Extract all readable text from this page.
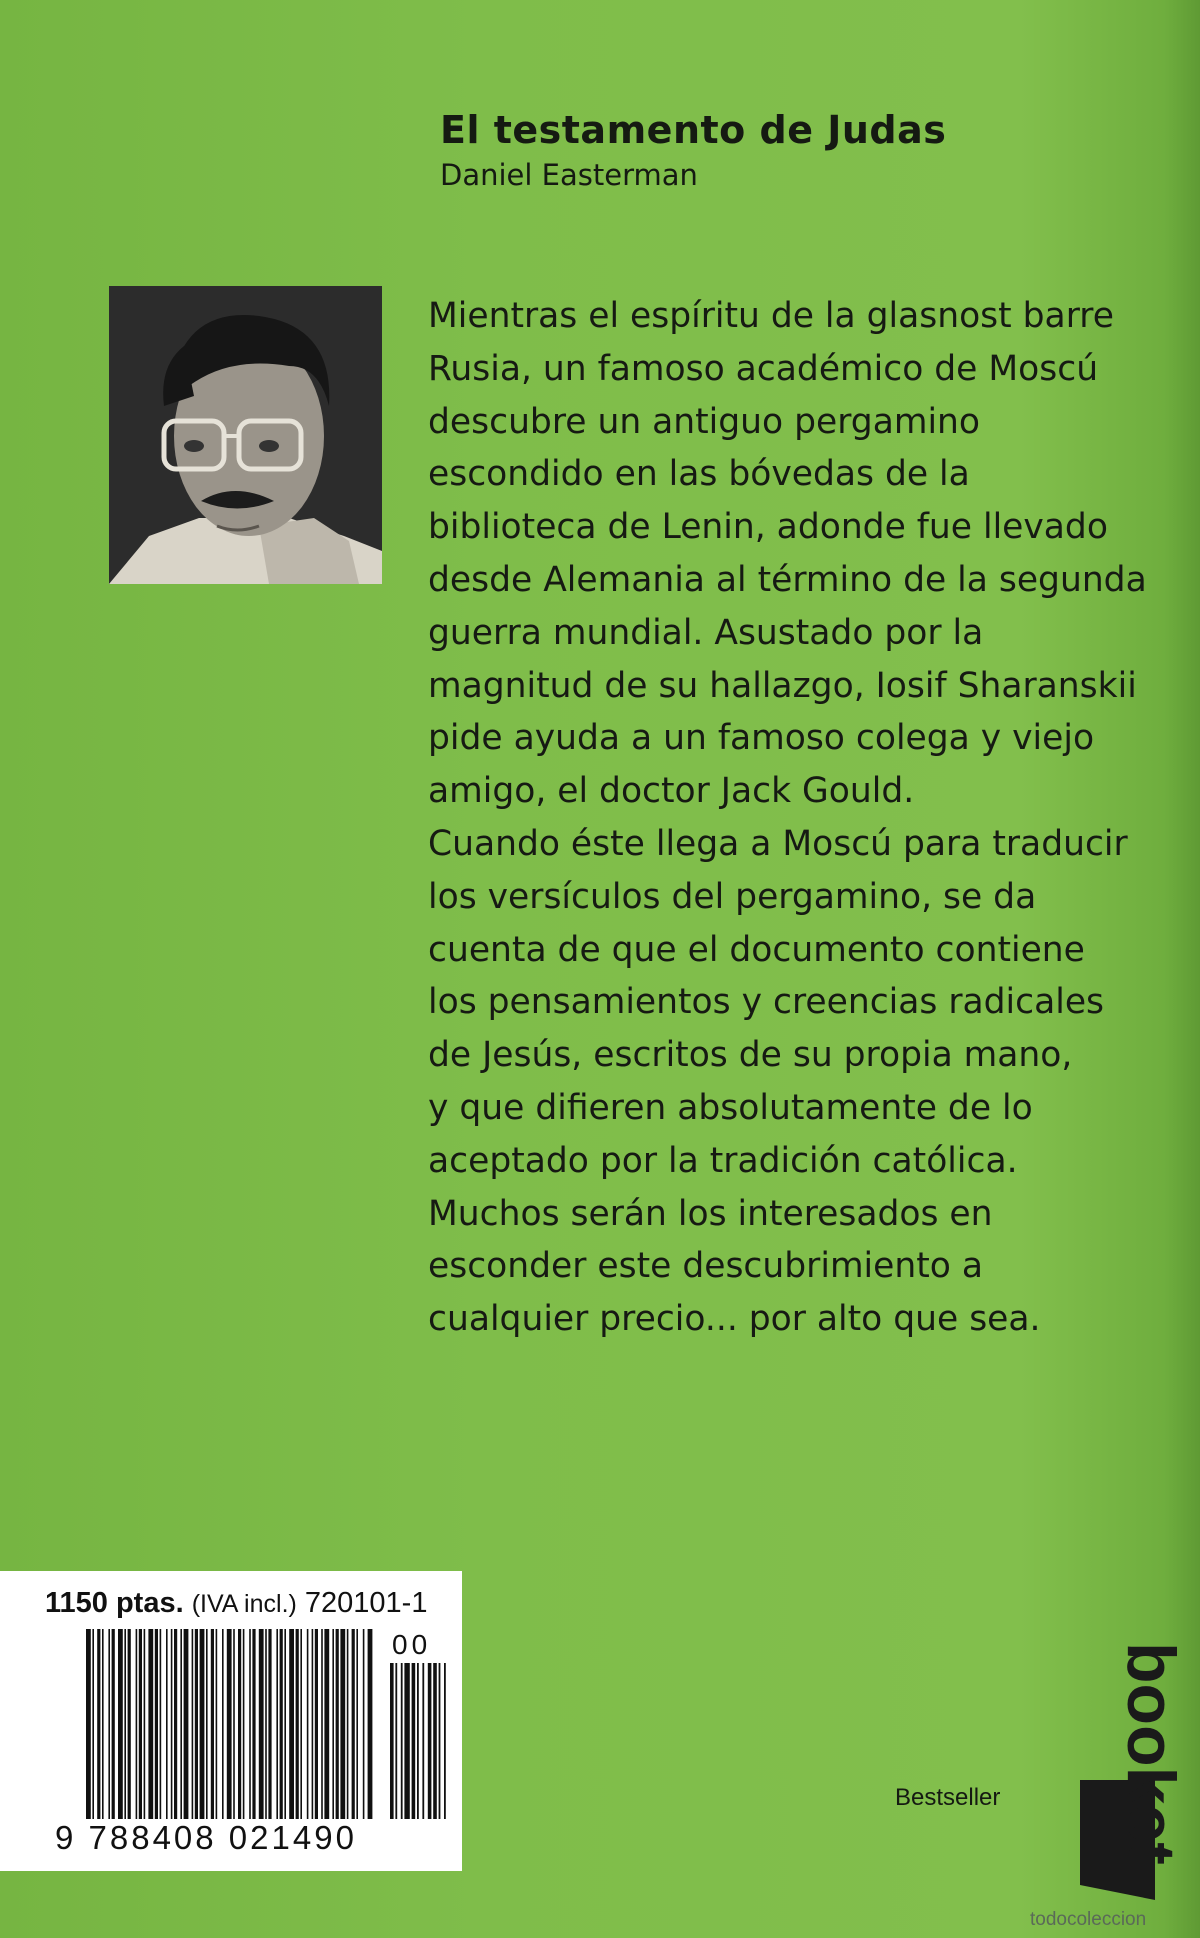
El testamento de Judas
Daniel Easterman

Mientras el espíritu de la glasnost barre

Rusia, un famoso académico de Moscú

descubre un antiguo pergamino

escondido en las bóvedas de la

biblioteca de Lenin, adonde fue llevado

desde Alemania al término de la segunda

guerra mundial. Asustado por la

magnitud de su hallazgo, Iosif Sharanskii

pide ayuda a un famoso colega y viejo

amigo, el doctor Jack Gould.

Cuando éste llega a Moscú para traducir

los versículos del pergamino, se da

cuenta de que el documento contiene

los pensamientos y creencias radicales

de Jesús, escritos de su propia mano,

y que difieren absolutamente de lo

aceptado por la tradición católica.

Muchos serán los interesados en

esconder este descubrimiento a

cualquier precio... por alto que sea.

1150 ptas. (IVA incl.) 720101-1
00
9 788408 021490
Bestseller booket
todocoleccion
